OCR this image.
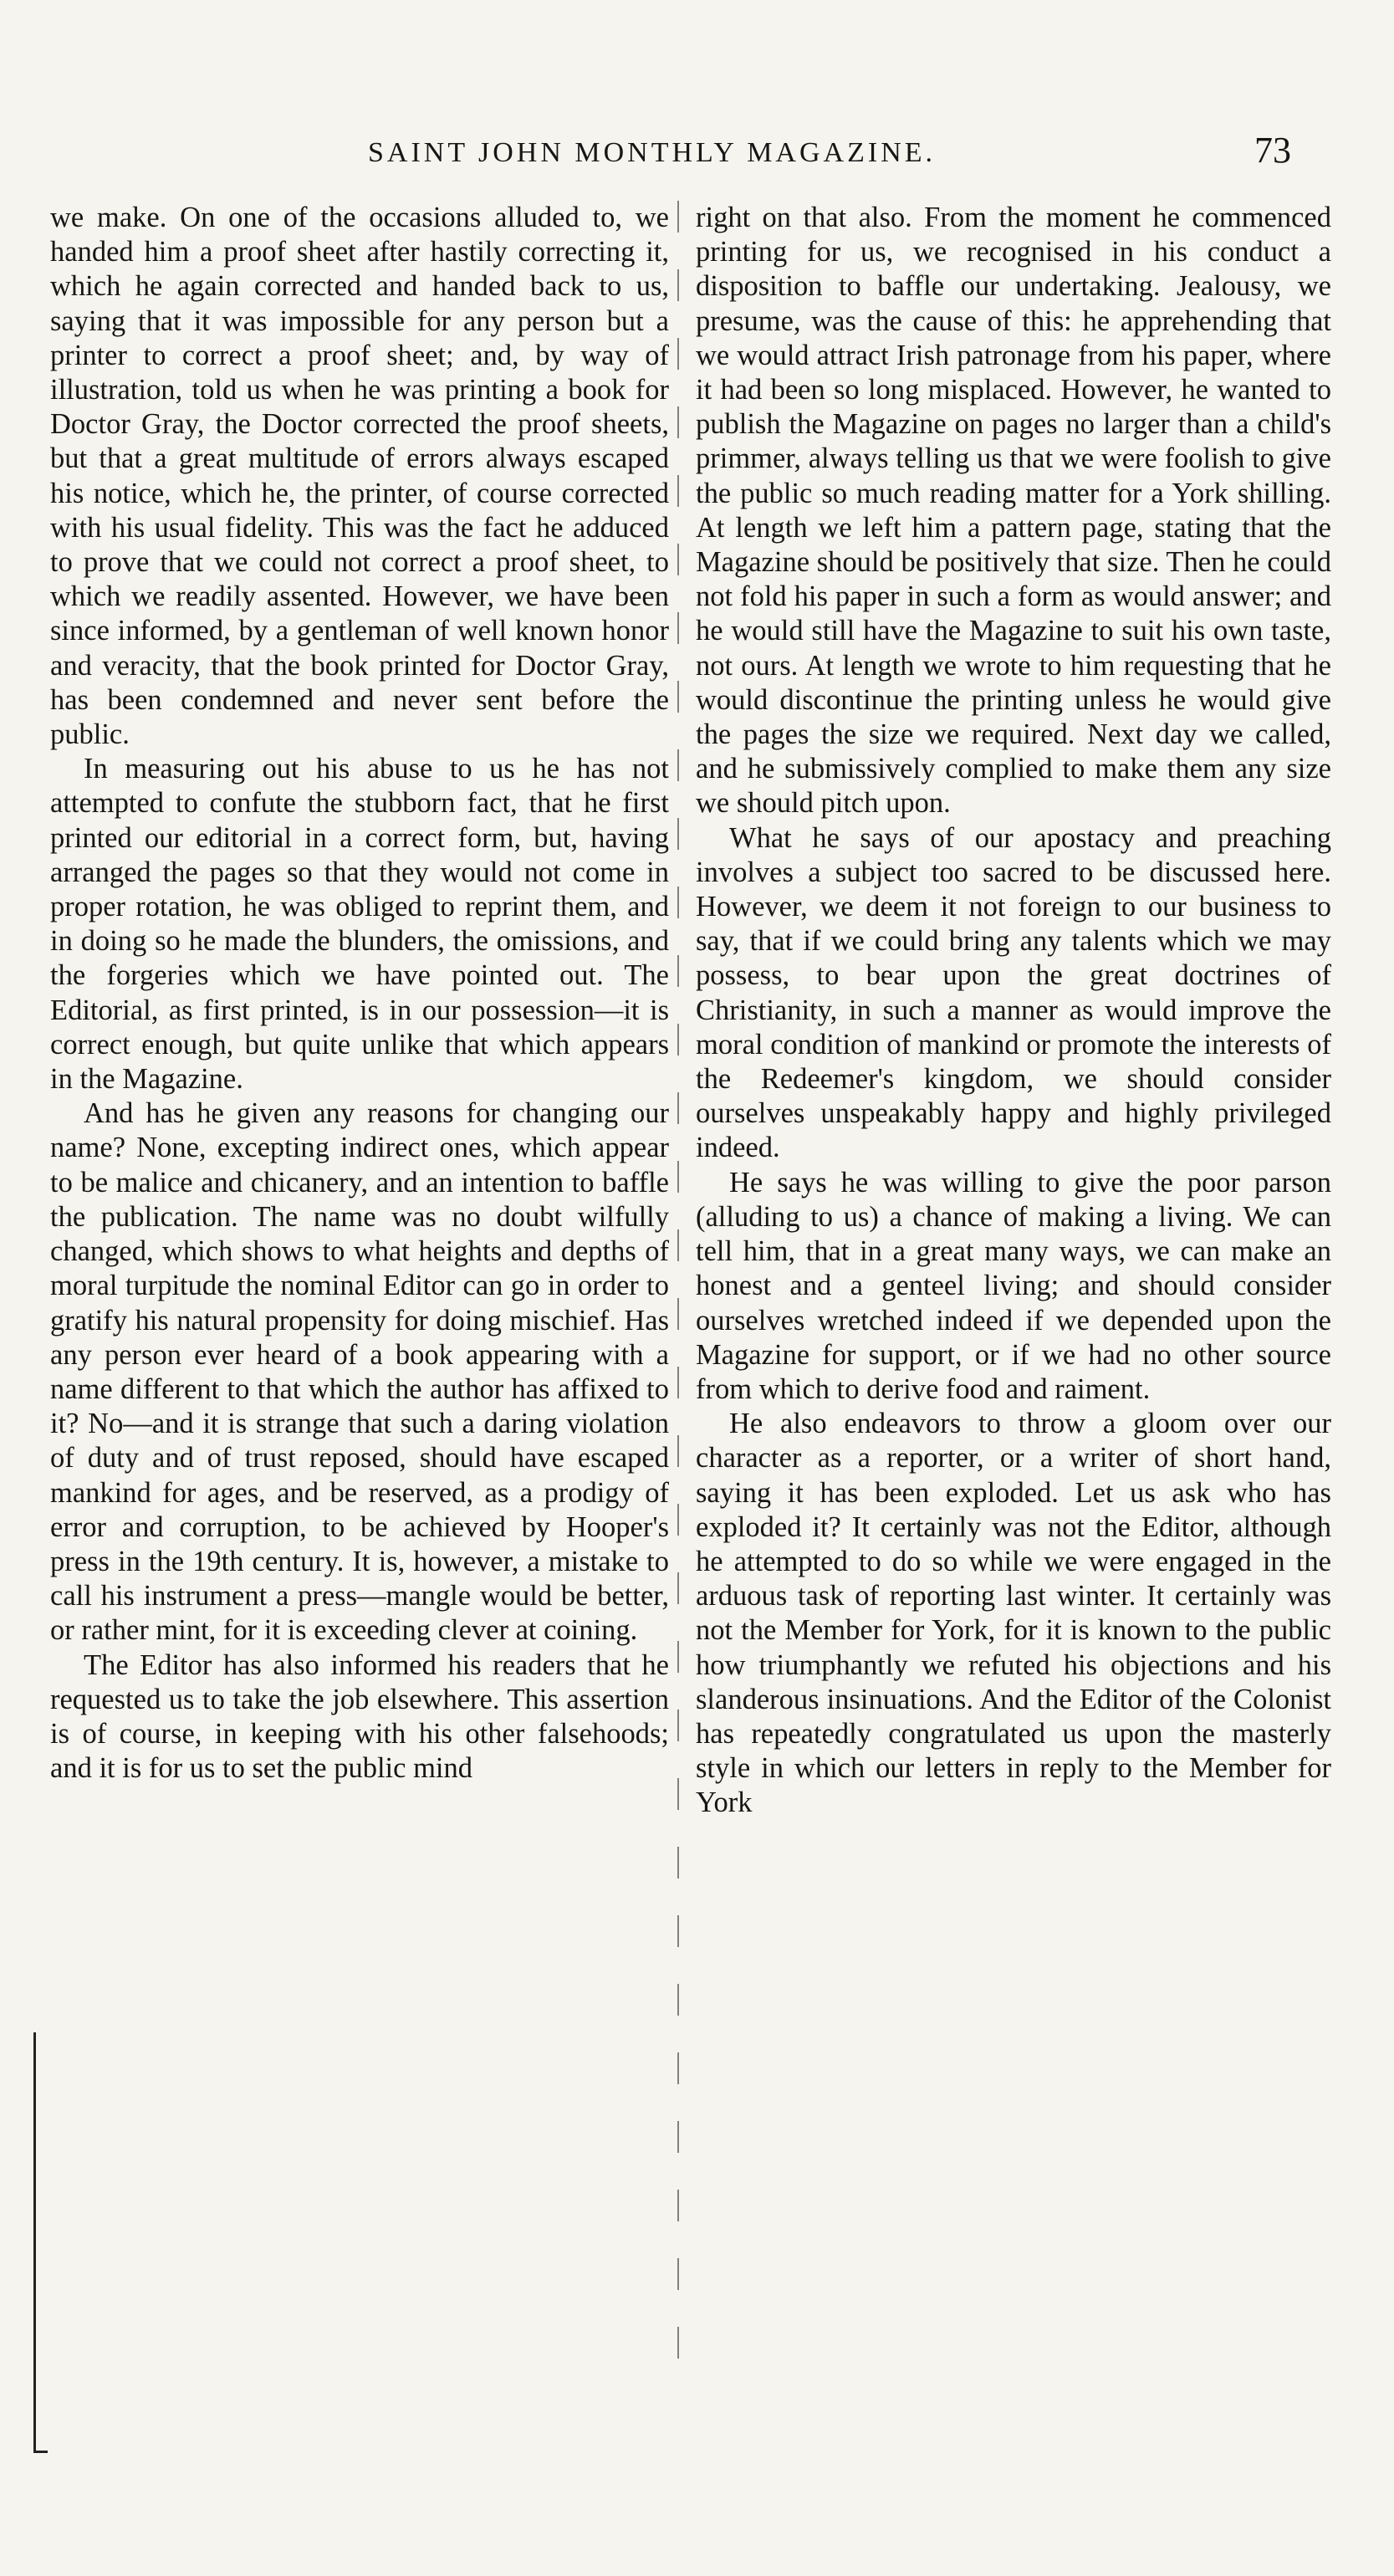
SAINT JOHN MONTHLY MAGAZINE.	73

we make. On one of the occasions alluded to, we handed him a proof sheet after hastily correcting it, which he again corrected and handed back to us, saying that it was impossible for any person but a printer to correct a proof sheet; and, by way of illustration, told us when he was printing a book for Doctor Gray, the Doctor corrected the proof sheets, but that a great multitude of errors always escaped his notice, which he, the printer, of course corrected with his usual fidelity. This was the fact he adduced to prove that we could not correct a proof sheet, to which we readily assented. However, we have been since informed, by a gentleman of well known honor and veracity, that the book printed for Doctor Gray, has been condemned and never sent before the public.

In measuring out his abuse to us he has not attempted to confute the stubborn fact, that he first printed our editorial in a correct form, but, having arranged the pages so that they would not come in proper rotation, he was obliged to reprint them, and in doing so he made the blunders, the omissions, and the forgeries which we have pointed out. The Editorial, as first printed, is in our possession—it is correct enough, but quite unlike that which appears in the Magazine.

And has he given any reasons for changing our name? None, excepting indirect ones, which appear to be malice and chicanery, and an intention to baffle the publication. The name was no doubt wilfully changed, which shows to what heights and depths of moral turpitude the nominal Editor can go in order to gratify his natural propensity for doing mischief. Has any person ever heard of a book appearing with a name different to that which the author has affixed to it? No—and it is strange that such a daring violation of duty and of trust reposed, should have escaped mankind for ages, and be reserved, as a prodigy of error and corruption, to be achieved by Hooper's press in the 19th century. It is, however, a mistake to call his instrument a press—mangle would be better, or rather mint, for it is exceeding clever at coining.

The Editor has also informed his readers that he requested us to take the job elsewhere. This assertion is of course, in keeping with his other falsehoods; and it is for us to set the public mind

right on that also. From the moment he commenced printing for us, we recognised in his conduct a disposition to baffle our undertaking. Jealousy, we presume, was the cause of this: he apprehending that we would attract Irish patronage from his paper, where it had been so long misplaced. However, he wanted to publish the Magazine on pages no larger than a child's primmer, always telling us that we were foolish to give the public so much reading matter for a York shilling. At length we left him a pattern page, stating that the Magazine should be positively that size. Then he could not fold his paper in such a form as would answer; and he would still have the Magazine to suit his own taste, not ours. At length we wrote to him requesting that he would discontinue the printing unless he would give the pages the size we required. Next day we called, and he submissively complied to make them any size we should pitch upon.

What he says of our apostacy and preaching involves a subject too sacred to be discussed here. However, we deem it not foreign to our business to say, that if we could bring any talents which we may possess, to bear upon the great doctrines of Christianity, in such a manner as would improve the moral condition of mankind or promote the interests of the Redeemer's kingdom, we should consider ourselves unspeakably happy and highly privileged indeed.

He says he was willing to give the poor parson (alluding to us) a chance of making a living. We can tell him, that in a great many ways, we can make an honest and a genteel living; and should consider ourselves wretched indeed if we depended upon the Magazine for support, or if we had no other source from which to derive food and raiment.

He also endeavors to throw a gloom over our character as a reporter, or a writer of short hand, saying it has been exploded. Let us ask who has exploded it? It certainly was not the Editor, although he attempted to do so while we were engaged in the arduous task of reporting last winter. It certainly was not the Member for York, for it is known to the public how triumphantly we refuted his objections and his slanderous insinuations. And the Editor of the Colonist has repeatedly congratulated us upon the masterly style in which our letters in reply to the Member for York
